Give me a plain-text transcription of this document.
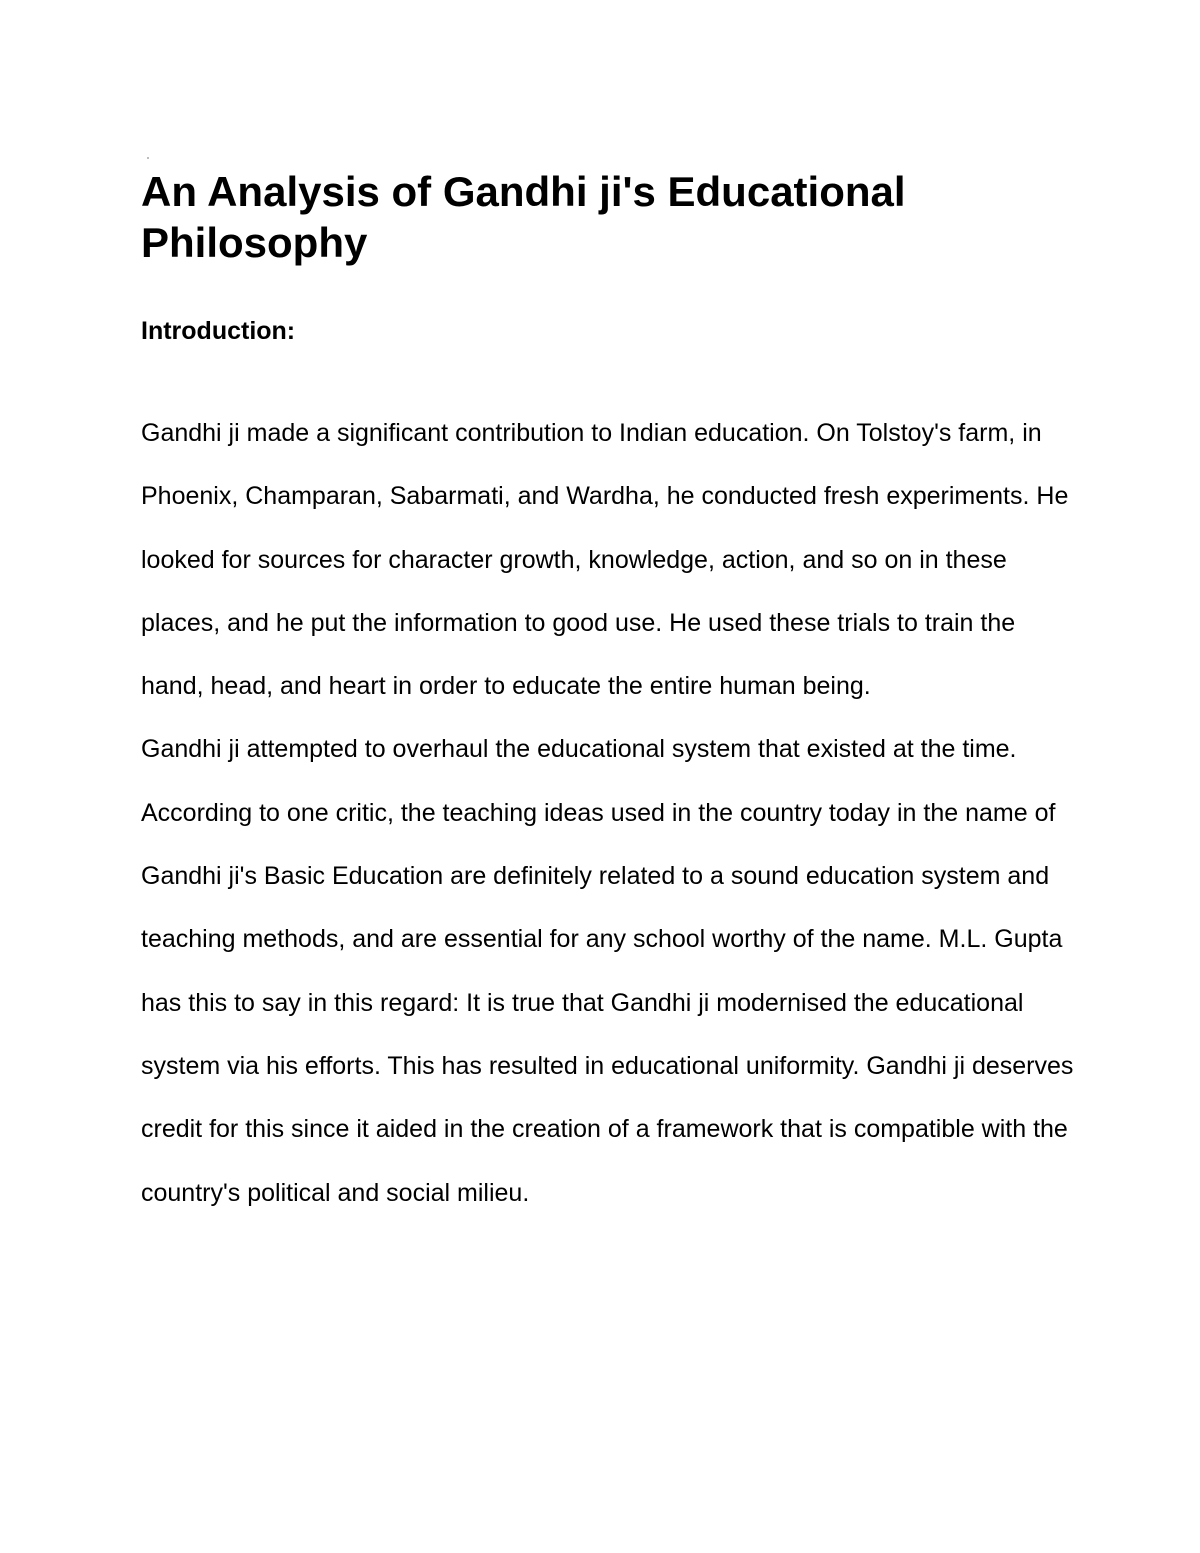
An Analysis of Gandhi ji's Educational Philosophy
Introduction:

Gandhi ji made a significant contribution to Indian education. On Tolstoy's farm, in Phoenix, Champaran, Sabarmati, and Wardha, he conducted fresh experiments. He looked for sources for character growth, knowledge, action, and so on in these places, and he put the information to good use. He used these trials to train the hand, head, and heart in order to educate the entire human being.

Gandhi ji attempted to overhaul the educational system that existed at the time. According to one critic, the teaching ideas used in the country today in the name of Gandhi ji's Basic Education are definitely related to a sound education system and teaching methods, and are essential for any school worthy of the name. M.L. Gupta has this to say in this regard: It is true that Gandhi ji modernised the educational system via his efforts. This has resulted in educational uniformity. Gandhi ji deserves credit for this since it aided in the creation of a framework that is compatible with the country's political and social milieu.
